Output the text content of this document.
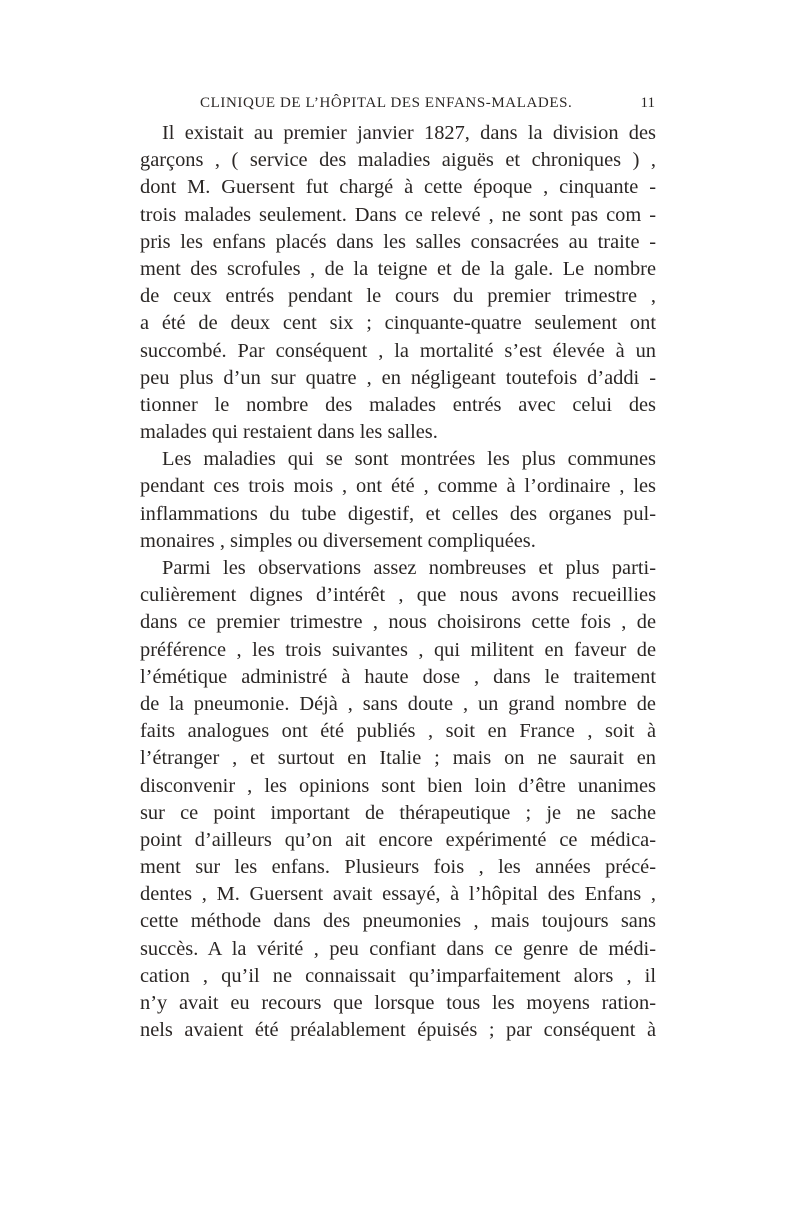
CLINIQUE DE L’HÔPITAL DES ENFANS-MALADES.	11
Il existait au premier janvier 1827, dans la division des
garçons , ( service des maladies aiguës et chroniques ) ,
dont M. Guersent fut chargé à cette époque , cinquante -
trois malades seulement. Dans ce relevé , ne sont pas com -
pris les enfans placés dans les salles consacrées au traite -
ment des scrofules , de la teigne et de la gale. Le nombre
de ceux entrés pendant le cours du premier trimestre ,
a été de deux cent six ; cinquante-quatre seulement ont
succombé. Par conséquent , la mortalité s’est élevée à un
peu plus d’un sur quatre , en négligeant toutefois d’addi -
tionner le nombre des malades entrés avec celui des
malades qui restaient dans les salles.
Les maladies qui se sont montrées les plus communes
pendant ces trois mois , ont été , comme à l’ordinaire , les
inflammations du tube digestif, et celles des organes pul-
monaires , simples ou diversement compliquées.
Parmi les observations assez nombreuses et plus parti-
culièrement dignes d’intérêt , que nous avons recueillies
dans ce premier trimestre , nous choisirons cette fois , de
préférence , les trois suivantes , qui militent en faveur de
l’émétique administré à haute dose , dans le traitement
de la pneumonie. Déjà , sans doute , un grand nombre de
faits analogues ont été publiés , soit en France , soit à
l’étranger , et surtout en Italie ; mais on ne saurait en
disconvenir , les opinions sont bien loin d’être unanimes
sur ce point important de thérapeutique ; je ne sache
point d’ailleurs qu’on ait encore expérimenté ce médica-
ment sur les enfans. Plusieurs fois , les années précé-
dentes , M. Guersent avait essayé, à l’hôpital des Enfans ,
cette méthode dans des pneumonies , mais toujours sans
succès. A la vérité , peu confiant dans ce genre de médi-
cation , qu’il ne connaissait qu’imparfaitement alors , il
n’y avait eu recours que lorsque tous les moyens ration-
nels avaient été préalablement épuisés ; par conséquent à
